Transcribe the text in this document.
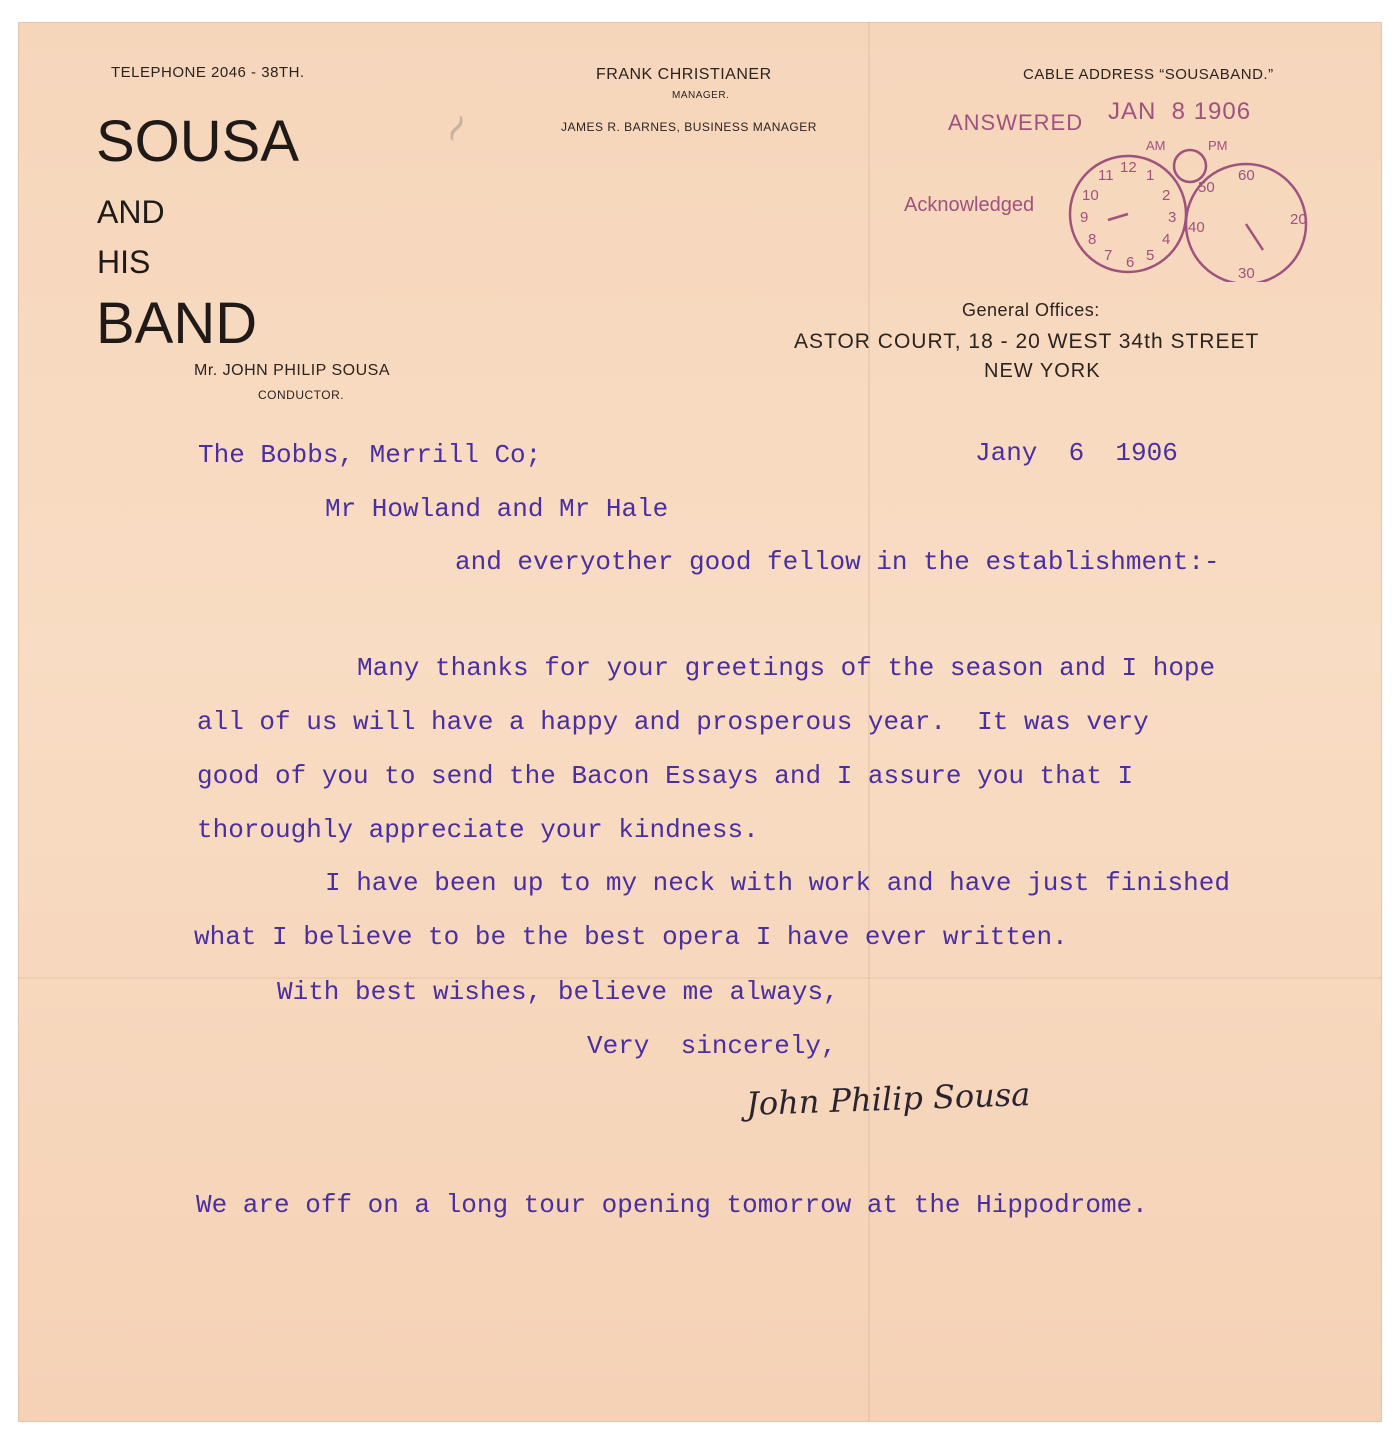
TELEPHONE 2046 - 38TH.
SOUSA
AND
HIS
BAND
Mr. JOHN PHILIP SOUSA
CONDUCTOR.
FRANK CHRISTIANER
MANAGER.
JAMES R. BARNES, BUSINESS MANAGER
CABLE ADDRESS “SOUSABAND.”
General Offices:
ASTOR COURT, 18 - 20 WEST 34th STREET
NEW YORK
~	ANSWERED JAN  8 1906
Acknowledged
AM	PM
12 1
2
3
4
5
6
7
8
9
10
11	60
20
30
40
50
The Bobbs, Merrill Co;	Jany  6  1906
Mr Howland and Mr Hale
and everyother good fellow in the establishment:-
Many thanks for your greetings of the season and I hope
all of us will have a happy and prosperous year.  It was very
good of you to send the Bacon Essays and I assure you that I
thoroughly appreciate your kindness.
I have been up to my neck with work and have just finished
what I believe to be the best opera I have ever written.
With best wishes, believe me always,
Very  sincerely,
John Philip Sousa
We are off on a long tour opening tomorrow at the Hippodrome.
